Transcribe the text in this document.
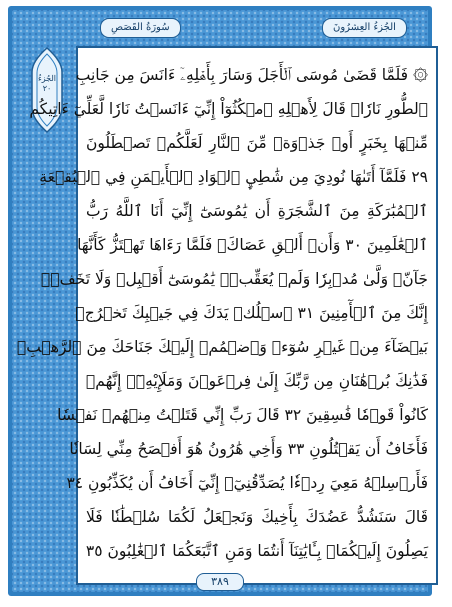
الجُزءُ العِشرُونَ
سُورَةُ القَصَصِ
الجُزءُ
٢٠
۞ فَلَمَّا قَضَىٰ مُوسَى ٱلۡأَجَلَ وَسَارَ بِأَهۡلِهِۦٓ ءَانَسَ مِن جَانِبِ
ٱلطُّورِ نَارٗاۖ قَالَ لِأَهۡلِهِ ٱمۡكُثُوٓاْ إِنِّيٓ ءَانَسۡتُ نَارٗا لَّعَلِّيٓ ءَاتِيكُم
مِّنۡهَا بِخَبَرٍ أَوۡ جَذۡوَةٖ مِّنَ ٱلنَّارِ لَعَلَّكُمۡ تَصۡطَلُونَ
٢٩ فَلَمَّآ أَتَىٰهَا نُودِيَ مِن شَٰطِيِٕ ٱلۡوَادِ ٱلۡأَيۡمَنِ فِي ٱلۡبُقۡعَةِ
ٱلۡمُبَٰرَكَةِ مِنَ ٱلشَّجَرَةِ أَن يَٰمُوسَىٰٓ إِنِّيٓ أَنَا ٱللَّهُ رَبُّ
ٱلۡعَٰلَمِينَ ٣٠ وَأَنۡ أَلۡقِ عَصَاكَۚ فَلَمَّا رَءَاهَا تَهۡتَزُّ كَأَنَّهَا
جَآنّٞ وَلَّىٰ مُدۡبِرٗا وَلَمۡ يُعَقِّبۡۚ يَٰمُوسَىٰٓ أَقۡبِلۡ وَلَا تَخَفۡۖ
إِنَّكَ مِنَ ٱلۡأٓمِنِينَ ٣١ ٱسۡلُكۡ يَدَكَ فِي جَيۡبِكَ تَخۡرُجۡ
بَيۡضَآءَ مِنۡ غَيۡرِ سُوٓءٖ وَٱضۡمُمۡ إِلَيۡكَ جَنَاحَكَ مِنَ ٱلرَّهۡبِۖ
فَذَٰنِكَ بُرۡهَٰنَانِ مِن رَّبِّكَ إِلَىٰ فِرۡعَوۡنَ وَمَلَإِيْهِۦٓۚ إِنَّهُمۡ
كَانُواْ قَوۡمٗا فَٰسِقِينَ ٣٢ قَالَ رَبِّ إِنِّي قَتَلۡتُ مِنۡهُمۡ نَفۡسٗا
فَأَخَافُ أَن يَقۡتُلُونِ ٣٣ وَأَخِي هَٰرُونُ هُوَ أَفۡصَحُ مِنِّي لِسَانٗا
فَأَرۡسِلۡهُ مَعِيَ رِدۡءٗا يُصَدِّقُنِيٓۖ إِنِّيٓ أَخَافُ أَن يُكَذِّبُونِ ٣٤
قَالَ سَنَشُدُّ عَضُدَكَ بِأَخِيكَ وَنَجۡعَلُ لَكُمَا سُلۡطَٰنٗا فَلَا
يَصِلُونَ إِلَيۡكُمَاۚ بِـَٔايَٰتِنَآ أَنتُمَا وَمَنِ ٱتَّبَعَكُمَا ٱلۡغَٰلِبُونَ ٣٥
٣٨٩
